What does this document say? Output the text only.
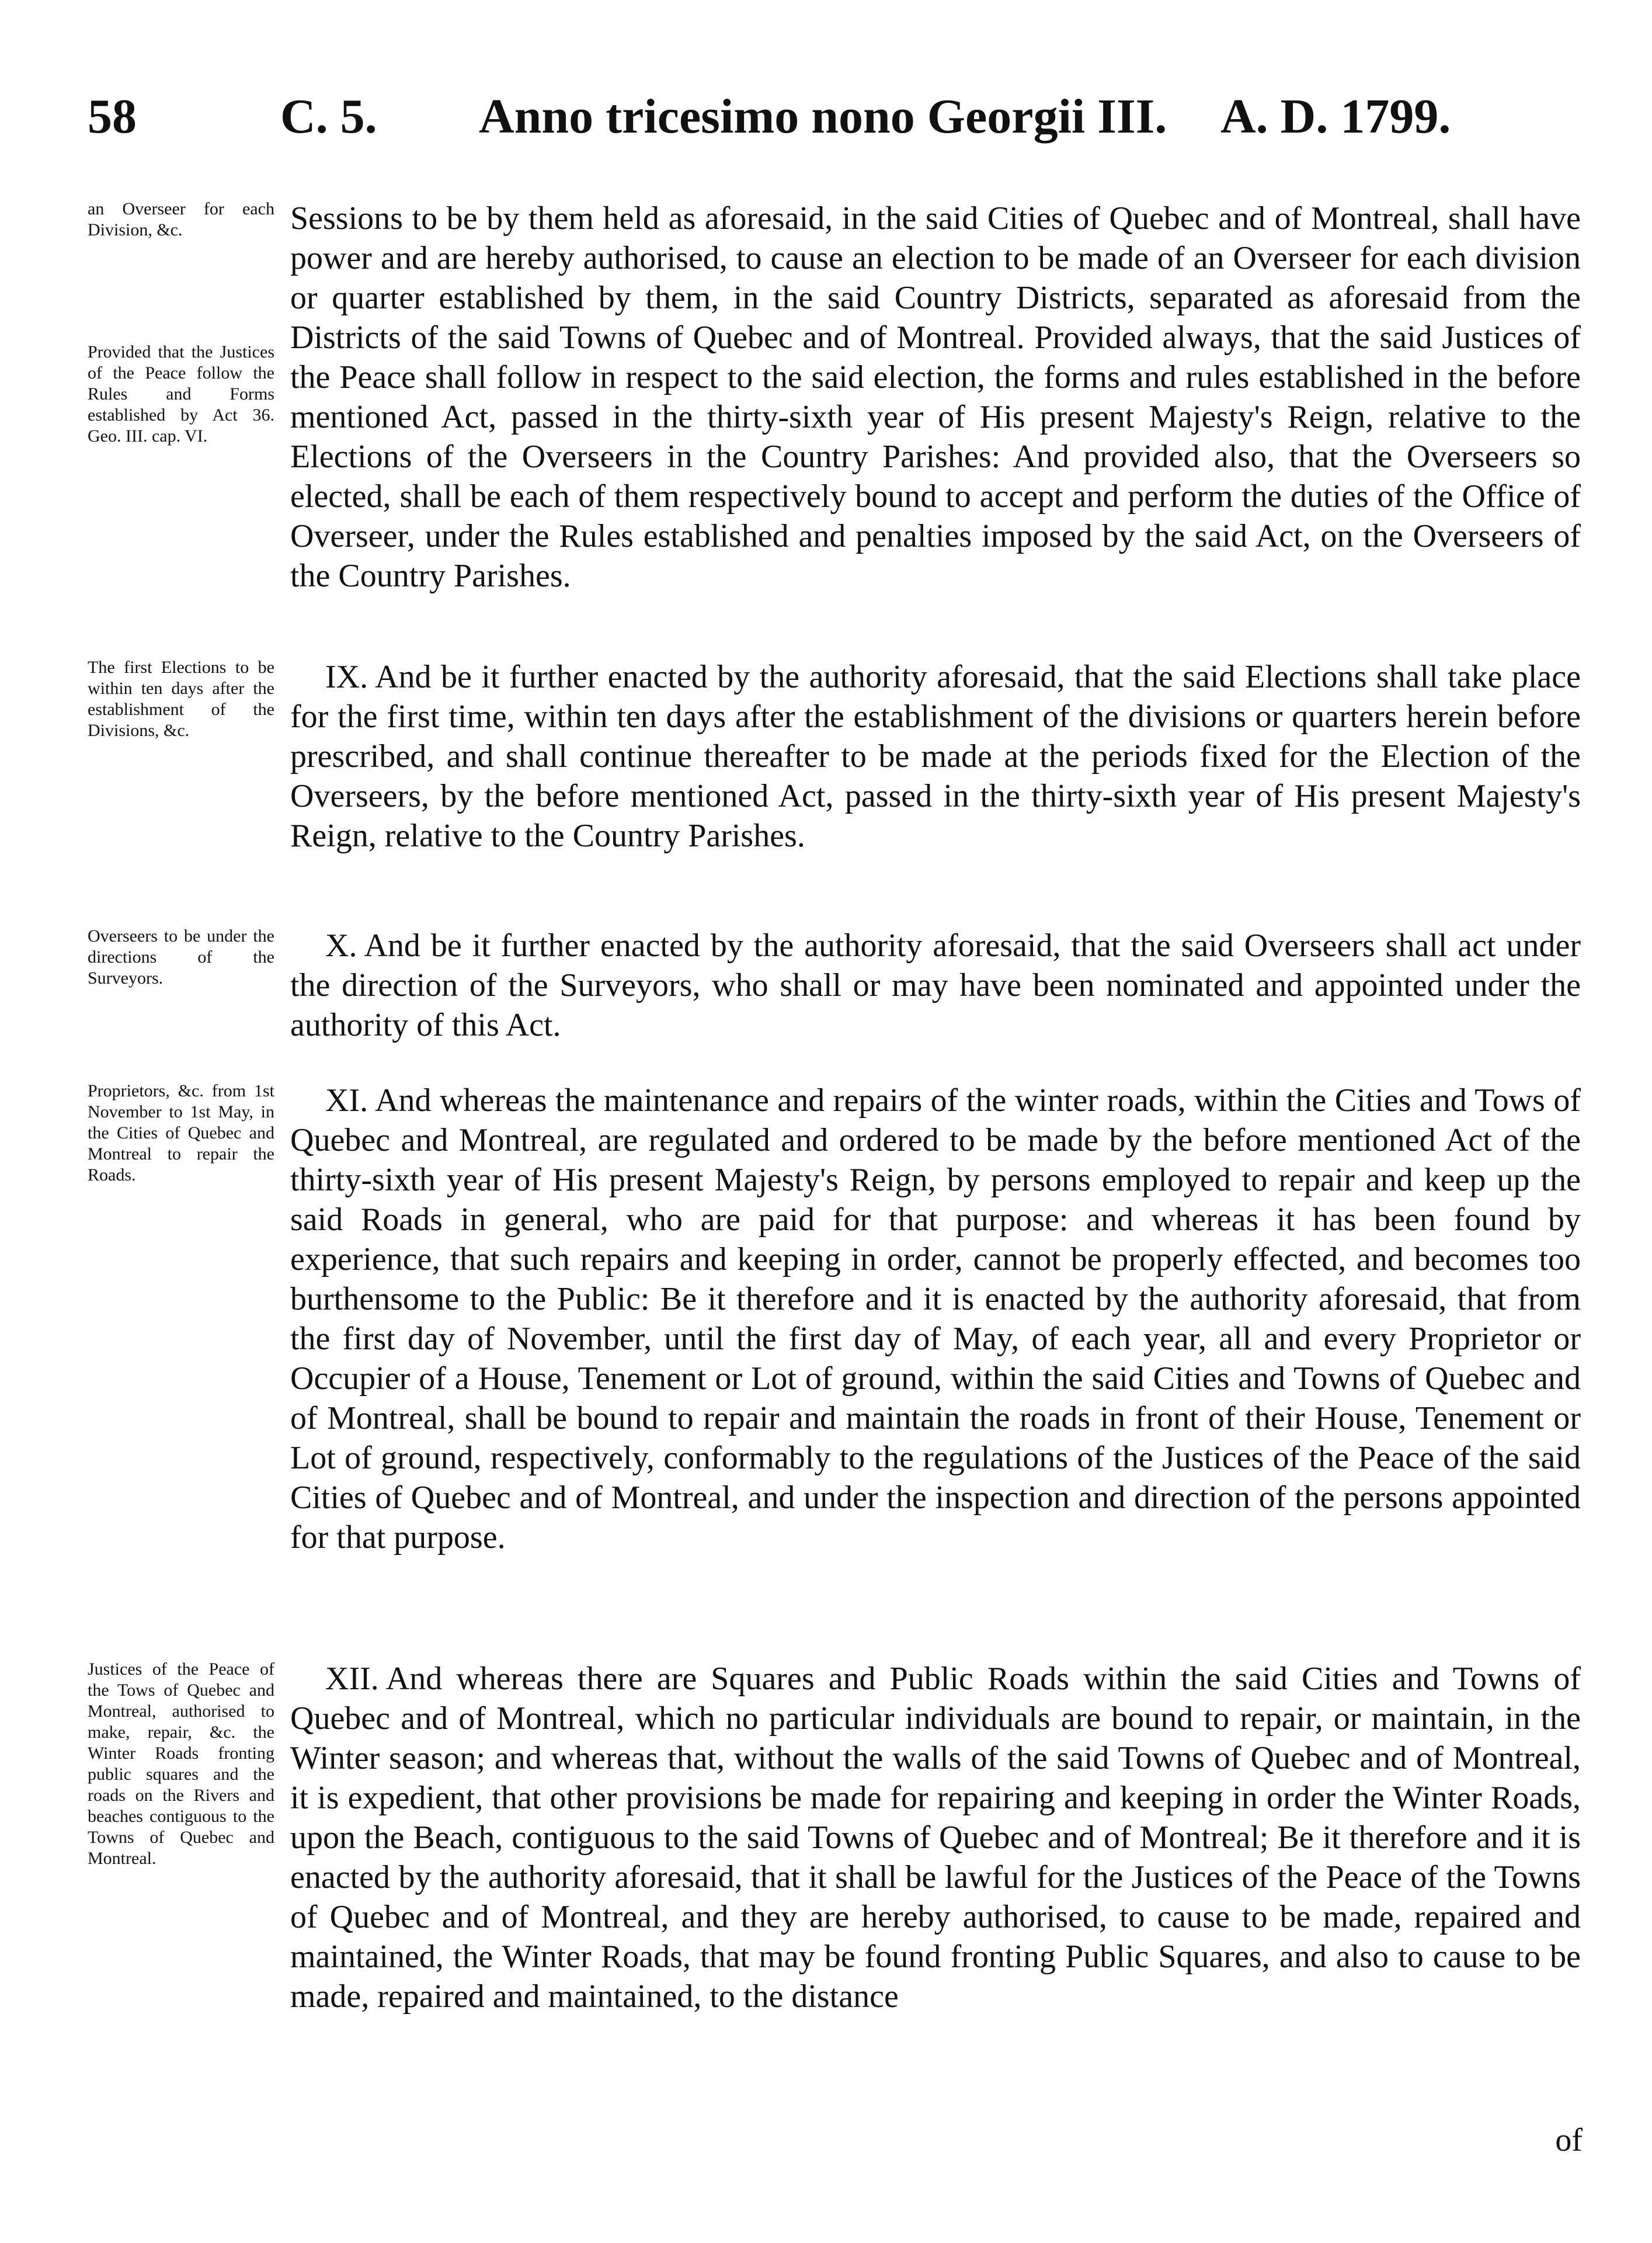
58	C. 5. Anno tricesimo nono Georgii III. A. D. 1799.
an Overseer for each Division, &c.	Sessions to be by them held as aforesaid, in the said Cities of Quebec and of Montreal, shall have power and are hereby authorised, to cause an election to be made of an Overseer for each division or quarter established by them, in the said Country Districts, separated as aforesaid from the Districts of the said Towns of Quebec and of Montreal. Provided always, that the said Justices of the Peace shall follow in respect to the said election, the forms and rules established in the before mentioned Act, passed in the thirty-sixth year of His present Majesty's Reign, relative to the Elections of the Overseers in the Country Parishes: And provided also, that the Overseers so elected, shall be each of them respectively bound to accept and perform the duties of the Office of Overseer, under the Rules established and penalties imposed by the said Act, on the Overseers of the Country Parishes.
Provided that the Justices of the Peace follow the Rules and Forms established by Act 36. Geo. III. cap. VI.
The first Elections to be within ten days after the establishment of the Divisions, &c.
IX. And be it further enacted by the authority aforesaid, that the said Elections shall take place for the first time, within ten days after the establishment of the divisions or quarters herein before prescribed, and shall continue thereafter to be made at the periods fixed for the Election of the Overseers, by the before mentioned Act, passed in the thirty-sixth year of His present Majesty's Reign, relative to the Country Parishes.
Overseers to be under the directions of the Surveyors.
X. And be it further enacted by the authority aforesaid, that the said Overseers shall act under the direction of the Surveyors, who shall or may have been nominated and appointed under the authority of this Act.
Proprietors, &c. from 1st November to 1st May, in the Cities of Quebec and Montreal to repair the Roads.
XI. And whereas the maintenance and repairs of the winter roads, within the Cities and Tows of Quebec and Montreal, are regulated and ordered to be made by the before mentioned Act of the thirty-sixth year of His present Majesty's Reign, by persons employed to repair and keep up the said Roads in general, who are paid for that purpose: and whereas it has been found by experience, that such repairs and keeping in order, cannot be properly effected, and becomes too burthensome to the Public: Be it therefore and it is enacted by the authority aforesaid, that from the first day of November, until the first day of May, of each year, all and every Proprietor or Occupier of a House, Tenement or Lot of ground, within the said Cities and Towns of Quebec and of Montreal, shall be bound to repair and maintain the roads in front of their House, Tenement or Lot of ground, respectively, conformably to the regulations of the Justices of the Peace of the said Cities of Quebec and of Montreal, and under the inspection and direction of the persons appointed for that purpose.
Justices of the Peace of the Tows of Quebec and Montreal, authorised to make, repair, &c. the Winter Roads fronting public squares and the roads on the Rivers and beaches contiguous to the Towns of Quebec and Montreal.
XII. And whereas there are Squares and Public Roads within the said Cities and Towns of Quebec and of Montreal, which no particular individuals are bound to repair, or maintain, in the Winter season; and whereas that, without the walls of the said Towns of Quebec and of Montreal, it is expedient, that other provisions be made for repairing and keeping in order the Winter Roads, upon the Beach, contiguous to the said Towns of Quebec and of Montreal; Be it therefore and it is enacted by the authority aforesaid, that it shall be lawful for the Justices of the Peace of the Towns of Quebec and of Montreal, and they are hereby authorised, to cause to be made, repaired and maintained, the Winter Roads, that may be found fronting Public Squares, and also to cause to be made, repaired and maintained, to the distance
of
